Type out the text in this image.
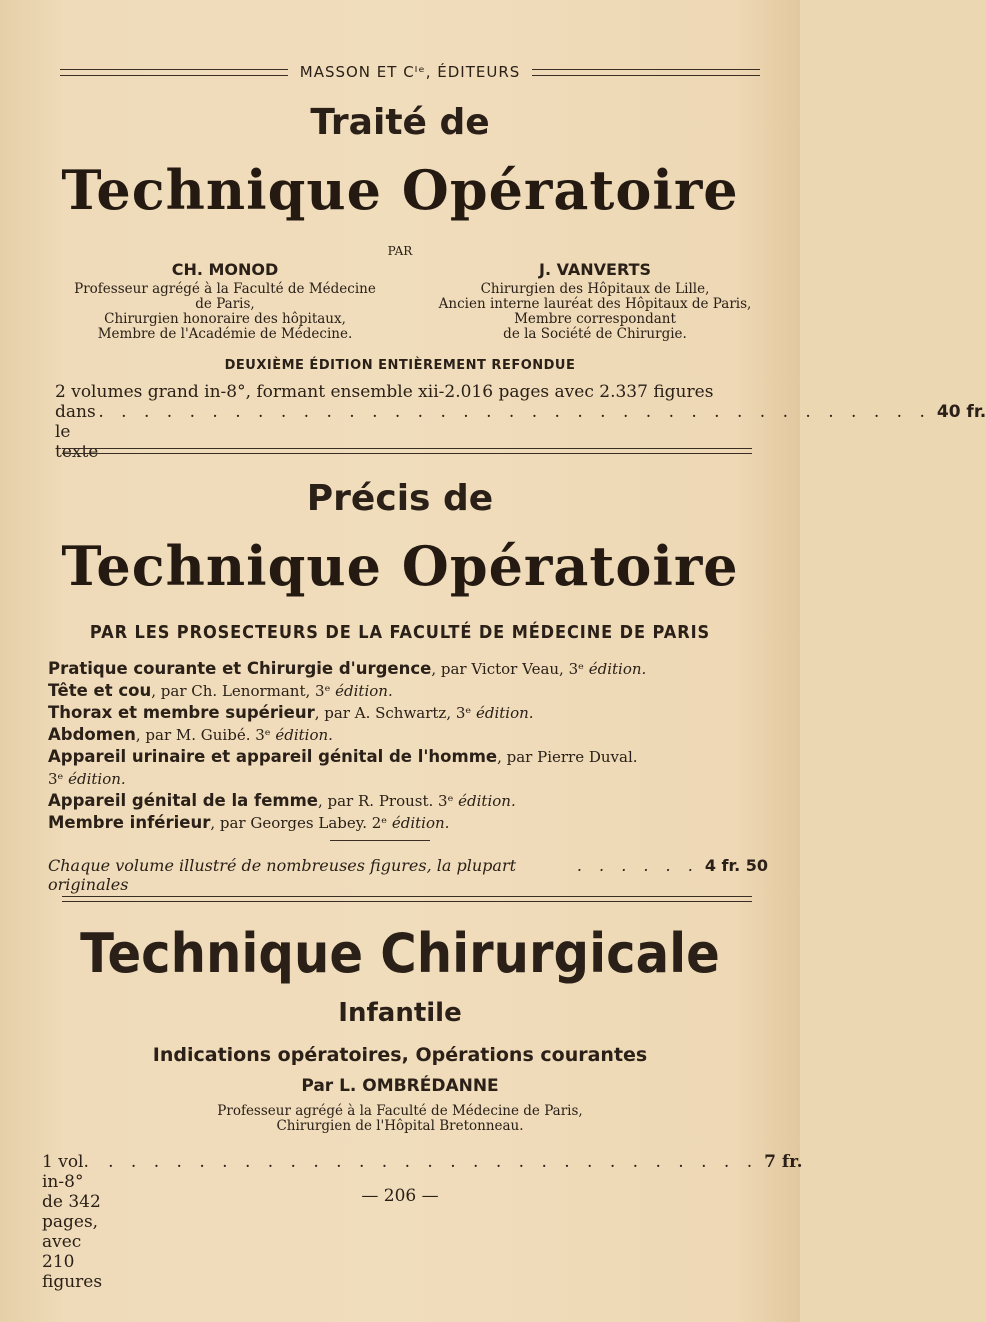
MASSON ET Cᴵᵉ, ÉDITEURS
Traité de
Technique Opératoire
PAR
CH. MONOD
Professeur agrégé à la Faculté de Médecine
de Paris,
Chirurgien honoraire des hôpitaux,
Membre de l'Académie de Médecine.
J. VANVERTS
Chirurgien des Hôpitaux de Lille,
Ancien interne lauréat des Hôpitaux de Paris,
Membre correspondant
de la Société de Chirurgie.
DEUXIÈME ÉDITION ENTIÈREMENT REFONDUE
2 volumes grand in-8°, formant ensemble xii-2.016 pages avec 2.337 figures
dans le texte
. . . . . . . . . . . . . . . . . . . . . . . . . . . . . . . . . . . . . 40 fr.
Précis de
Technique Opératoire
PAR LES PROSECTEURS DE LA FACULTÉ DE MÉDECINE DE PARIS
Pratique courante et Chirurgie d'urgence, par Victor Veau, 3ᵉ édition.
Tête et cou, par Ch. Lenormant, 3ᵉ édition.
Thorax et membre supérieur, par A. Schwartz, 3ᵉ édition.
Abdomen, par M. Guibé. 3ᵉ édition.
Appareil urinaire et appareil génital de l'homme, par Pierre Duval.
3ᵉ édition.
Appareil génital de la femme, par R. Proust. 3ᵉ édition.
Membre inférieur, par Georges Labey. 2ᵉ édition.
Chaque volume illustré de nombreuses figures, la plupart originales
. . . . . . 4 fr. 50
Technique Chirurgicale
Infantile
Indications opératoires, Opérations courantes
Par L. OMBRÉDANNE
Professeur agrégé à la Faculté de Médecine de Paris,
Chirurgien de l'Hôpital Bretonneau.
1 vol. in-8° de 342 pages, avec 210 figures
. . . . . . . . . . . . . . . . . . . . . . . . . . . . . 7 fr.
— 206 —
